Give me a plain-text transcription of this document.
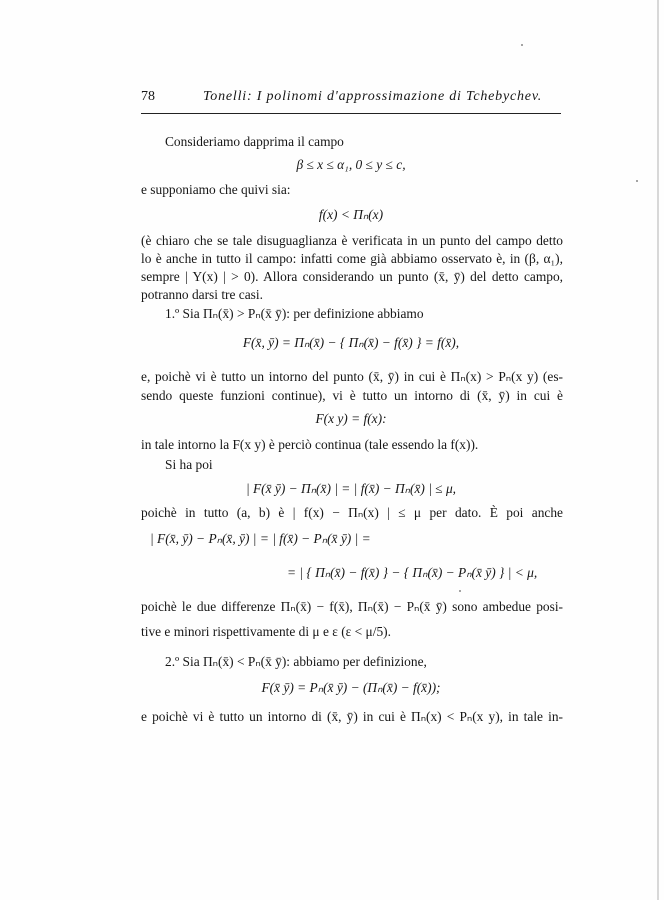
78	Tonelli: I polinomi d'approssimazione di Tchebychev.
Consideriamo dapprima il campo
β ≤ x ≤ α₁, 0 ≤ y ≤ c,
e supponiamo che quivi sia:
f(x) < Πₙ(x)
(è chiaro che se tale disuguaglianza è verificata in un punto del campo detto
lo è anche in tutto il campo: infatti come già abbiamo osservato è, in (β, α₁),
sempre | Y(x) | > 0). Allora considerando un punto (x̄, ȳ) del detto campo,
potranno darsi tre casi.
1.º Sia Πₙ(x̄) > Pₙ(x̄ ȳ): per definizione abbiamo
F(x̄, ȳ) = Πₙ(x̄) − { Πₙ(x̄) − f(x̄) } = f(x̄),
e, poichè vi è tutto un intorno del punto (x̄, ȳ) in cui è Πₙ(x) > Pₙ(x y) (es-
sendo queste funzioni continue), vi è tutto un intorno di (x̄, ȳ) in cui è
F(x y) = f(x):
in tale intorno la F(x y) è perciò continua (tale essendo la f(x)).
Si ha poi
| F(x̄ ȳ) − Πₙ(x̄) | = | f(x̄) − Πₙ(x̄) | ≤ μ,
poichè in tutto (a, b) è | f(x) − Πₙ(x) | ≤ μ per dato. È poi anche
| F(x̄, ȳ) − Pₙ(x̄, ȳ) | = | f(x̄) − Pₙ(x̄ ȳ) | =
= | { Πₙ(x̄) − f(x̄) } − { Πₙ(x̄) − Pₙ(x̄ ȳ) } | < μ,
poichè le due differenze Πₙ(x̄) − f(x̄), Πₙ(x̄) − Pₙ(x̄ ȳ) sono ambedue posi-
tive e minori rispettivamente di μ e ε (ε < μ/5).
2.º Sia Πₙ(x̄) < Pₙ(x̄ ȳ): abbiamo per definizione,
F(x̄ ȳ) = Pₙ(x̄ ȳ) − (Πₙ(x̄) − f(x̄));
e poichè vi è tutto un intorno di (x̄, ȳ) in cui è Πₙ(x) < Pₙ(x y), in tale in-
